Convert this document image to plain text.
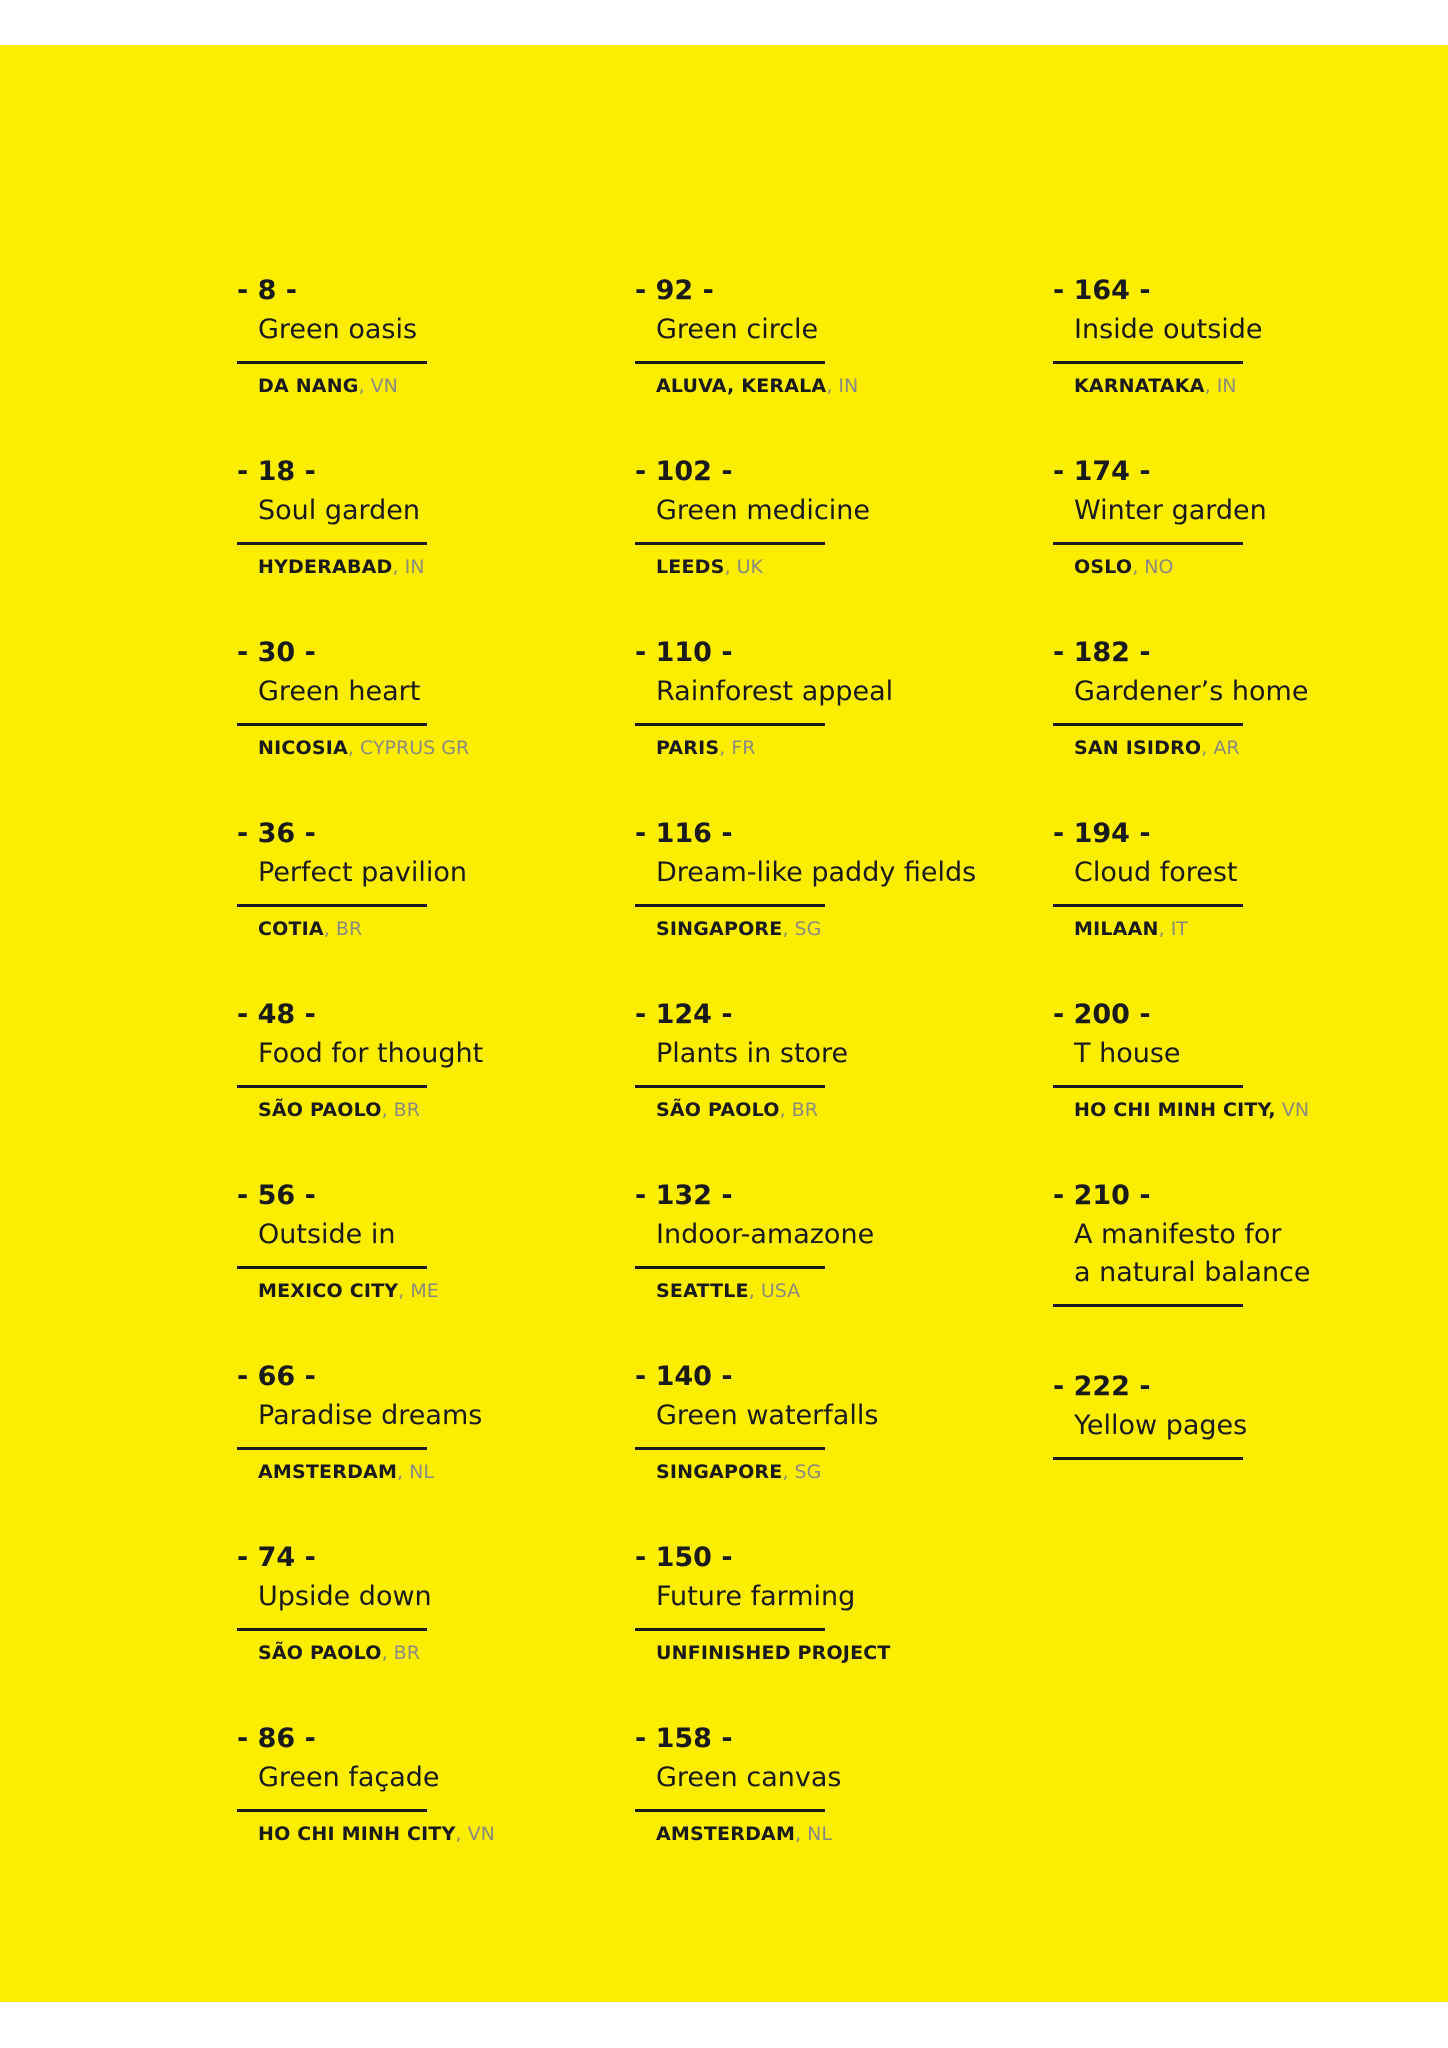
- 8 -
Green oasis
DA NANG, VN
- 18 -
Soul garden
HYDERABAD, IN
- 30 -
Green heart
NICOSIA, CYPRUS GR
- 36 -
Perfect pavilion
COTIA, BR
- 48 -
Food for thought
SÃO PAOLO, BR
- 56 -
Outside in
MEXICO CITY, ME
- 66 -
Paradise dreams
AMSTERDAM, NL
- 74 -
Upside down
SÃO PAOLO, BR
- 86 -
Green façade
HO CHI MINH CITY, VN
- 92 -
Green circle
ALUVA, KERALA, IN
- 102 -
Green medicine
LEEDS, UK
- 110 -
Rainforest appeal
PARIS, FR
- 116 -
Dream-like paddy fields
SINGAPORE, SG
- 124 -
Plants in store
SÃO PAOLO, BR
- 132 -
Indoor-amazone
SEATTLE, USA
- 140 -
Green waterfalls
SINGAPORE, SG
- 150 -
Future farming
UNFINISHED PROJECT
- 158 -
Green canvas
AMSTERDAM, NL
- 164 -
Inside outside
KARNATAKA, IN
- 174 -
Winter garden
OSLO, NO
- 182 -
Gardener’s home
SAN ISIDRO, AR
- 194 -
Cloud forest
MILAAN, IT
- 200 -
T house
HO CHI MINH CITY, VN
- 210 -
A manifesto for
a natural balance
- 222 -
Yellow pages
